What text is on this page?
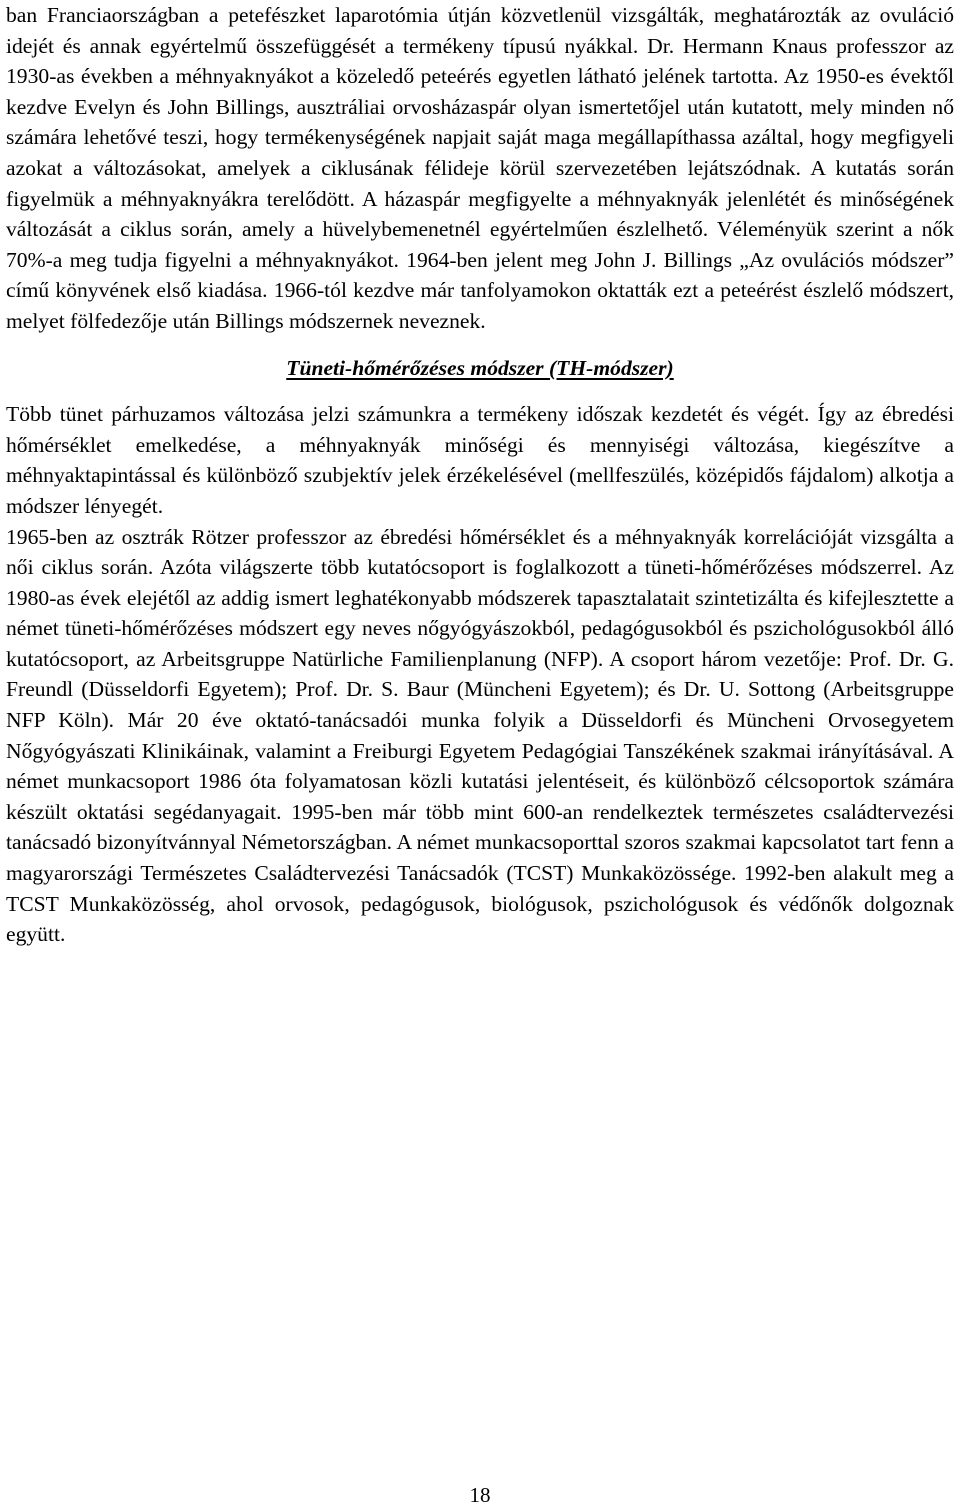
ban Franciaországban a petefészket laparotómia útján közvetlenül vizsgálták, meghatározták az ovuláció idejét és annak egyértelmű összefüggését a termékeny típusú nyákkal. Dr. Hermann Knaus professzor az 1930-as években a méhnyaknyákot a közeledő peteérés egyetlen látható jelének tartotta. Az 1950-es évektől kezdve Evelyn és John Billings, ausztráliai orvosházaspár olyan ismertetőjel után kutatott, mely minden nő számára lehetővé teszi, hogy termékenységének napjait saját maga megállapíthassa azáltal, hogy megfigyeli azokat a változásokat, amelyek a ciklusának félideje körül szervezetében lejátszódnak. A kutatás során figyelmük a méhnyaknyákra terelődött. A házaspár megfigyelte a méhnyaknyák jelenlétét és minőségének változását a ciklus során, amely a hüvelybemenetnél egyértelműen észlelhető. Véleményük szerint a nők 70%-a meg tudja figyelni a méhnyaknyákot. 1964-ben jelent meg John J. Billings „Az ovulációs módszer” című könyvének első kiadása. 1966-tól kezdve már tanfolyamokon oktatták ezt a peteérést észlelő módszert, melyet fölfedezője után Billings módszernek neveznek.

Tüneti-hőmérőzéses módszer (TH-módszer)

Több tünet párhuzamos változása jelzi számunkra a termékeny időszak kezdetét és végét. Így az ébredési hőmérséklet emelkedése, a méhnyaknyák minőségi és mennyiségi változása, kiegészítve a méhnyaktapintással és különböző szubjektív jelek érzékelésével (mellfeszülés, középidős fájdalom) alkotja a módszer lényegét.

1965-ben az osztrák Rötzer professzor az ébredési hőmérséklet és a méhnyaknyák korrelációját vizsgálta a női ciklus során. Azóta világszerte több kutatócsoport is foglalkozott a tüneti-hőmérőzéses módszerrel. Az 1980-as évek elejétől az addig ismert leghatékonyabb módszerek tapasztalatait szintetizálta és kifejlesztette a német tüneti-hőmérőzéses módszert egy neves nőgyógyászokból, pedagógusokból és pszichológusokból álló kutatócsoport, az Arbeitsgruppe Natürliche Familienplanung (NFP). A csoport három vezetője: Prof. Dr. G. Freundl (Düsseldorfi Egyetem); Prof. Dr. S. Baur (Müncheni Egyetem); és Dr. U. Sottong (Arbeitsgruppe NFP Köln). Már 20 éve oktató-tanácsadói munka folyik a Düsseldorfi és Müncheni Orvosegyetem Nőgyógyászati Klinikáinak, valamint a Freiburgi Egyetem Pedagógiai Tanszékének szakmai irányításával. A német munkacsoport 1986 óta folyamatosan közli kutatási jelentéseit, és különböző célcsoportok számára készült oktatási segédanyagait. 1995-ben már több mint 600-an rendelkeztek természetes családtervezési tanácsadó bizonyítvánnyal Németországban. A német munkacsoporttal szoros szakmai kapcsolatot tart fenn a magyarországi Természetes Családtervezési Tanácsadók (TCST) Munkaközössége. 1992-ben alakult meg a TCST Munkaközösség, ahol orvosok, pedagógusok, biológusok, pszichológusok és védőnők dolgoznak együtt.

18
